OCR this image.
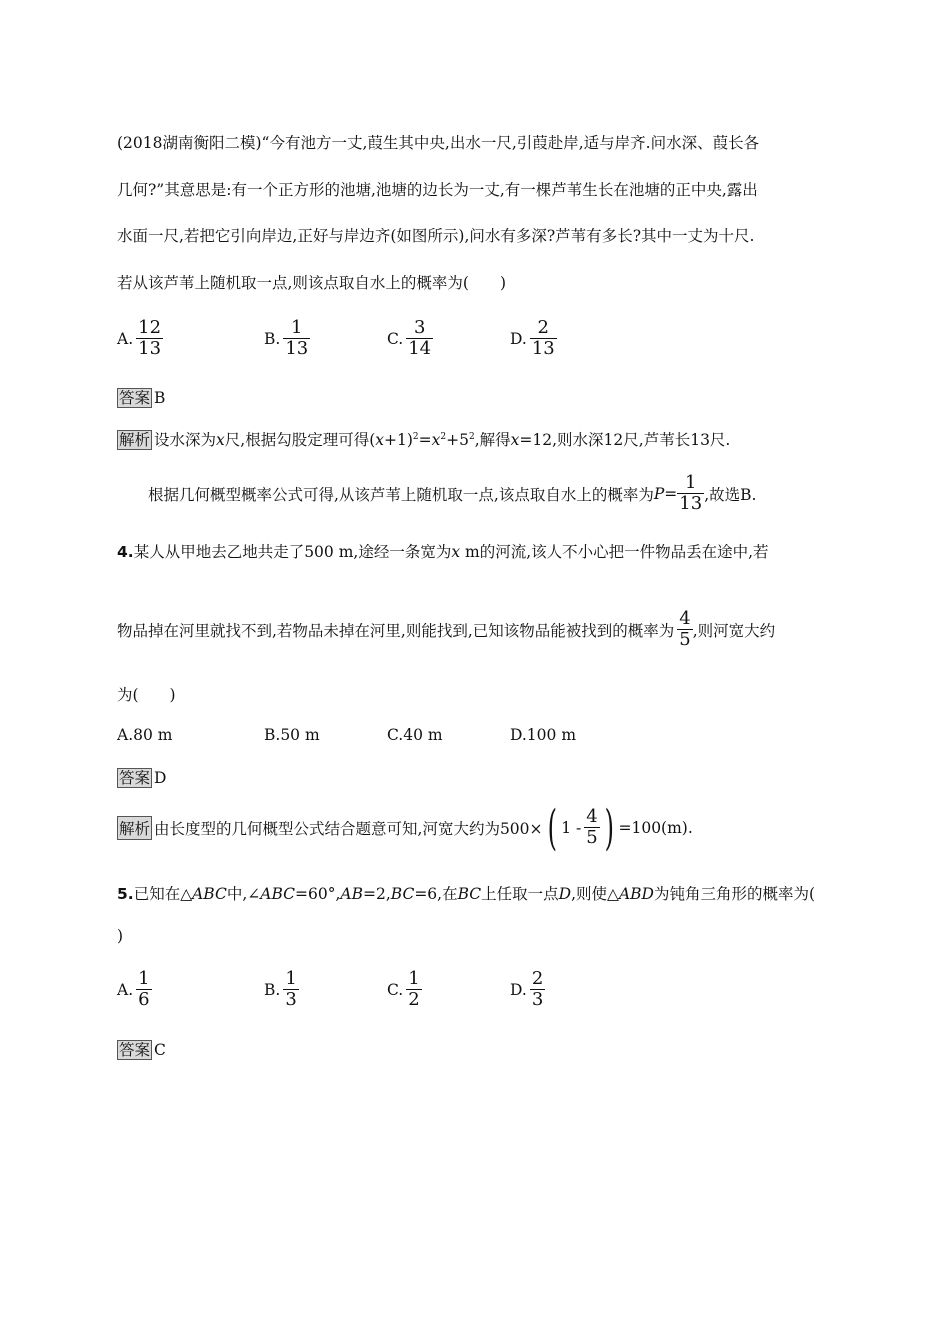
(2018湖南衡阳二模)“今有池方一丈,葭生其中央,出水一尺,引葭赴岸,适与岸齐.问水深、葭长各
几何?”其意思是:有一个正方形的池塘,池塘的边长为一丈,有一棵芦苇生长在池塘的正中央,露出
水面一尺,若把它引向岸边,正好与岸边齐(如图所示),问水有多深?芦苇有多长?其中一丈为十尺.
若从该芦苇上随机取一点,则该点取自水上的概率为(　　)
A. $\frac{12}{13}$	B. $\frac{1}{13}$	C. $\frac{3}{14}$	D. $\frac{2}{13}$
答案 B
解析 设水深为x尺,根据勾股定理可得$(x+1)^2=x^2+5^2$,解得x=12,则水深12尺,芦苇长13尺.
根据几何概型概率公式可得,从该芦苇上随机取一点,该点取自水上的概率为 $P = \frac{1}{13}$ ,故选B.
4.某人从甲地去乙地共走了500 m,途经一条宽为x m的河流,该人不小心把一件物品丢在途中,若
物品掉在河里就找不到,若物品未掉在河里,则能找到,已知该物品能被找到的概率为 $\frac{4}{5}$ ,则河宽大约
为(　　)
A.80 m	B.50 m	C.40 m	D.100 m
答案 D
解析 由长度型的几何概型公式结合题意可知,河宽大约为500× ( $1 - \frac{4}{5}$ ) =100(m).
5.已知在△ABC中,∠ABC=60°,AB=2,BC=6,在BC上任取一点D,则使△ABD为钝角三角形的概率为(
)
A. $\frac{1}{6}$	B. $\frac{1}{3}$	C. $\frac{1}{2}$	D. $\frac{2}{3}$
答案 C
